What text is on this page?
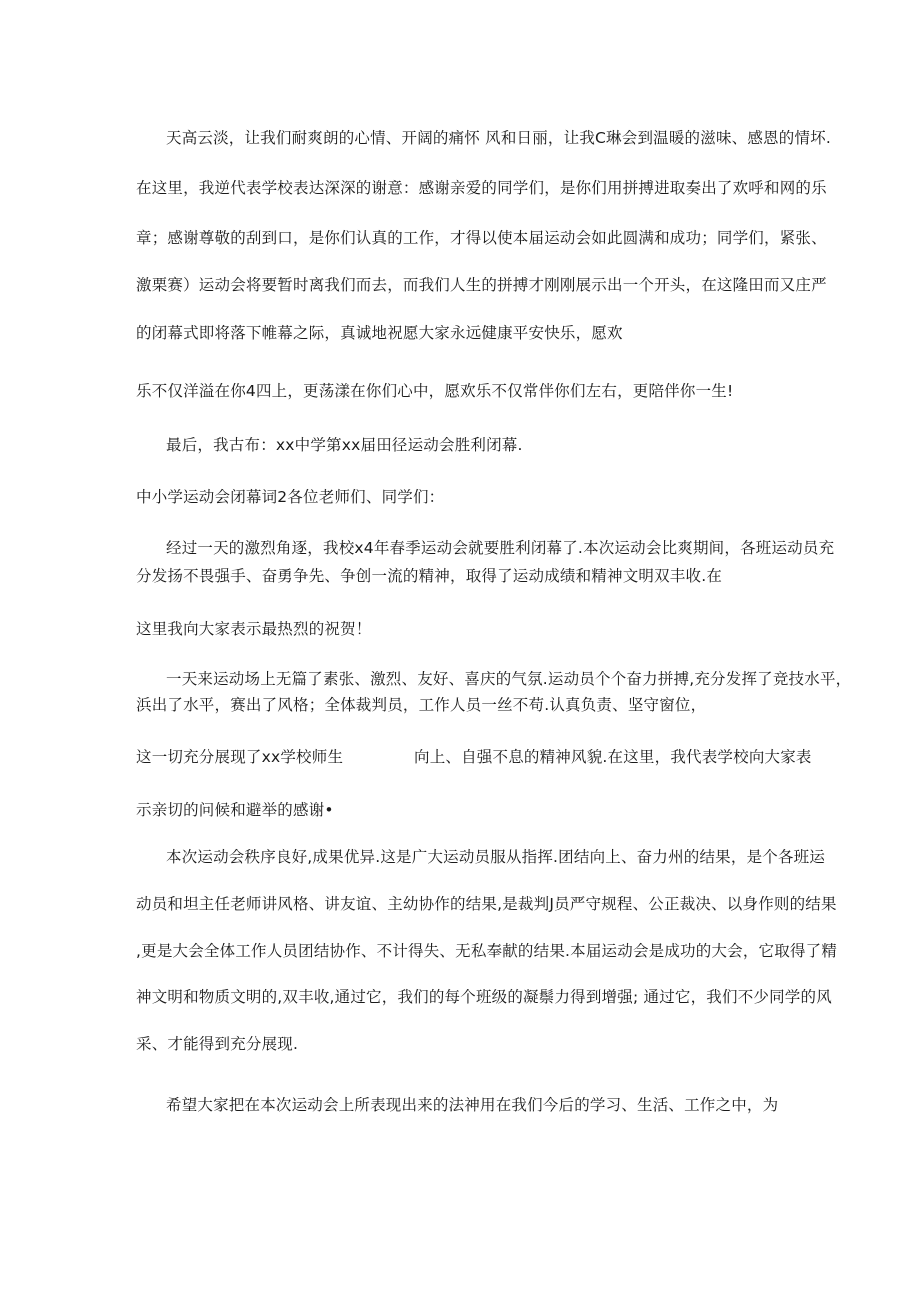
天高云淡，让我们耐爽朗的心情、开阔的痛怀 风和日丽，让我C琳会到温暖的滋味、感恩的情坏.

在这里，我逆代表学校表达深深的谢意：感谢亲爱的同学们，是你们用拼搏进取奏出了欢呼和网的乐

章；感谢尊敬的刮到口，是你们认真的工作，才得以使本届运动会如此圆满和成功；同学们，紧张、

激栗赛）运动会将要暂时离我们而去，而我们人生的拼搏才刚刚展示出一个开头，在这隆田而又庄严

的闭幕式即将落下帷幕之际，真诚地祝愿大家永远健康平安快乐，愿欢

乐不仅洋溢在你4四上，更荡漾在你们心中，愿欢乐不仅常伴你们左右，更陪伴你一生!

最后，我古布：xx中学第xx届田径运动会胜利闭幕.

中小学运动会闭幕词2各位老师们、同学们：

经过一天的激烈角逐，我校x4年春季运动会就要胜利闭幕了.本次运动会比爽期间，各班运动员充

分发扬不畏强手、奋勇争先、争创一流的精神，取得了运动成绩和精神文明双丰收.在

这里我向大家表示最热烈的祝贺！

一天来运动场上无篇了素张、激烈、友好、喜庆的气氛.运动员个个奋力拼搏,充分发挥了竞技水平，

浜出了水平，赛出了风格；全体裁判员，工作人员一丝不苟.认真负责、坚守窗位，

这一切充分展现了xx学校师生	向上、自强不息的精神风貌.在这里，我代表学校向大家表

示亲切的问候和避举的感谢•

本次运动会秩序良好,成果优异.这是广大运动员服从指挥.团结向上、奋力州的结果，是个各班运

动员和坦主任老师讲风格、讲友谊、主幼协作的结果,是裁判J员严守规程、公正裁决、以身作则的结果

,更是大会全体工作人员团结协作、不计得失、无私奉献的结果.本届运动会是成功的大会，它取得了精

神文明和物质文明的,双丰收,通过它，我们的每个班级的凝鬃力得到增强; 通过它，我们不少同学的风

采、才能得到充分展现.

希望大家把在本次运动会上所表现出来的法神用在我们今后的学习、生活、工作之中，为
